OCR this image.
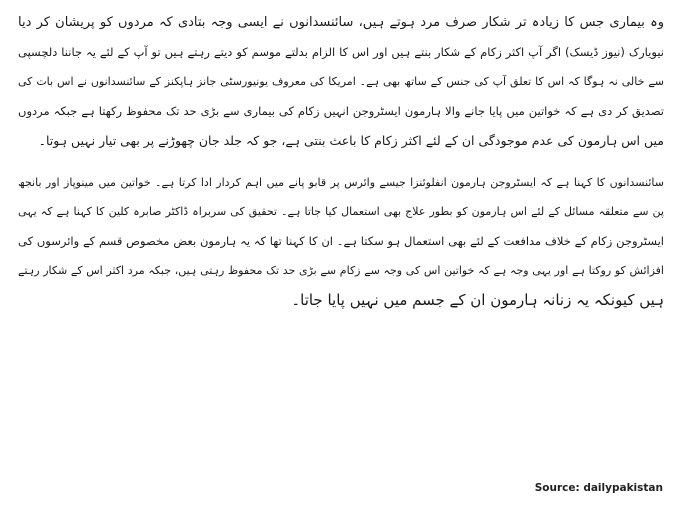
وہ بیماری جس کا زیادہ تر شکار صرف مرد ہوتے ہیں، سائنسدانوں نے ایسی وجہ بتادی کہ مردوں کو پریشان کر دیا
نیویارک (نیوز ڈیسک) اگر آپ اکثر زکام کے شکار بنتے ہیں اور اس کا الزام بدلتے موسم کو دیتے رہتے ہیں تو آپ کے لئے یہ جاننا دلچسپی
سے خالی نہ ہوگا کہ اس کا تعلق آپ کی جنس کے ساتھ بھی ہے۔ امریکا کی معروف یونیورسٹی جانز ہاپکنز کے سائنسدانوں نے اس بات کی
تصدیق کر دی ہے کہ خواتین میں پایا جانے والا ہارمون ایسٹروجن انہیں زکام کی بیماری سے بڑی حد تک محفوظ رکھتا ہے جبکہ مردوں
میں اس ہارمون کی عدم موجودگی ان کے لئے اکثر زکام کا باعث بنتی ہے، جو کہ جلد جان چھوڑنے پر بھی تیار نہیں ہوتا۔
سائنسدانوں کا کہنا ہے کہ ایسٹروجن ہارمون انفلوئنزا جیسے وائرس پر قابو پانے میں اہم کردار ادا کرتا ہے۔ خواتین میں مینوپاز اور بانجھ
پن سے متعلقہ مسائل کے لئے اس ہارمون کو بطور علاج بھی استعمال کیا جاتا ہے۔ تحقیق کی سربراہ ڈاکٹر صابرہ کلین کا کہنا ہے کہ یہی
ایسٹروجن زکام کے خلاف مدافعت کے لئے بھی استعمال ہو سکتا ہے۔ ان کا کہنا تھا کہ یہ ہارمون بعض مخصوص قسم کے وائرسوں کی
افزائش کو روکتا ہے اور یہی وجہ ہے کہ خواتین اس کی وجہ سے زکام سے بڑی حد تک محفوظ رہتی ہیں، جبکہ مرد اکثر اس کے شکار رہتے
ہیں کیونکہ یہ زنانہ ہارمون ان کے جسم میں نہیں پایا جاتا۔
Source: dailypakistan
